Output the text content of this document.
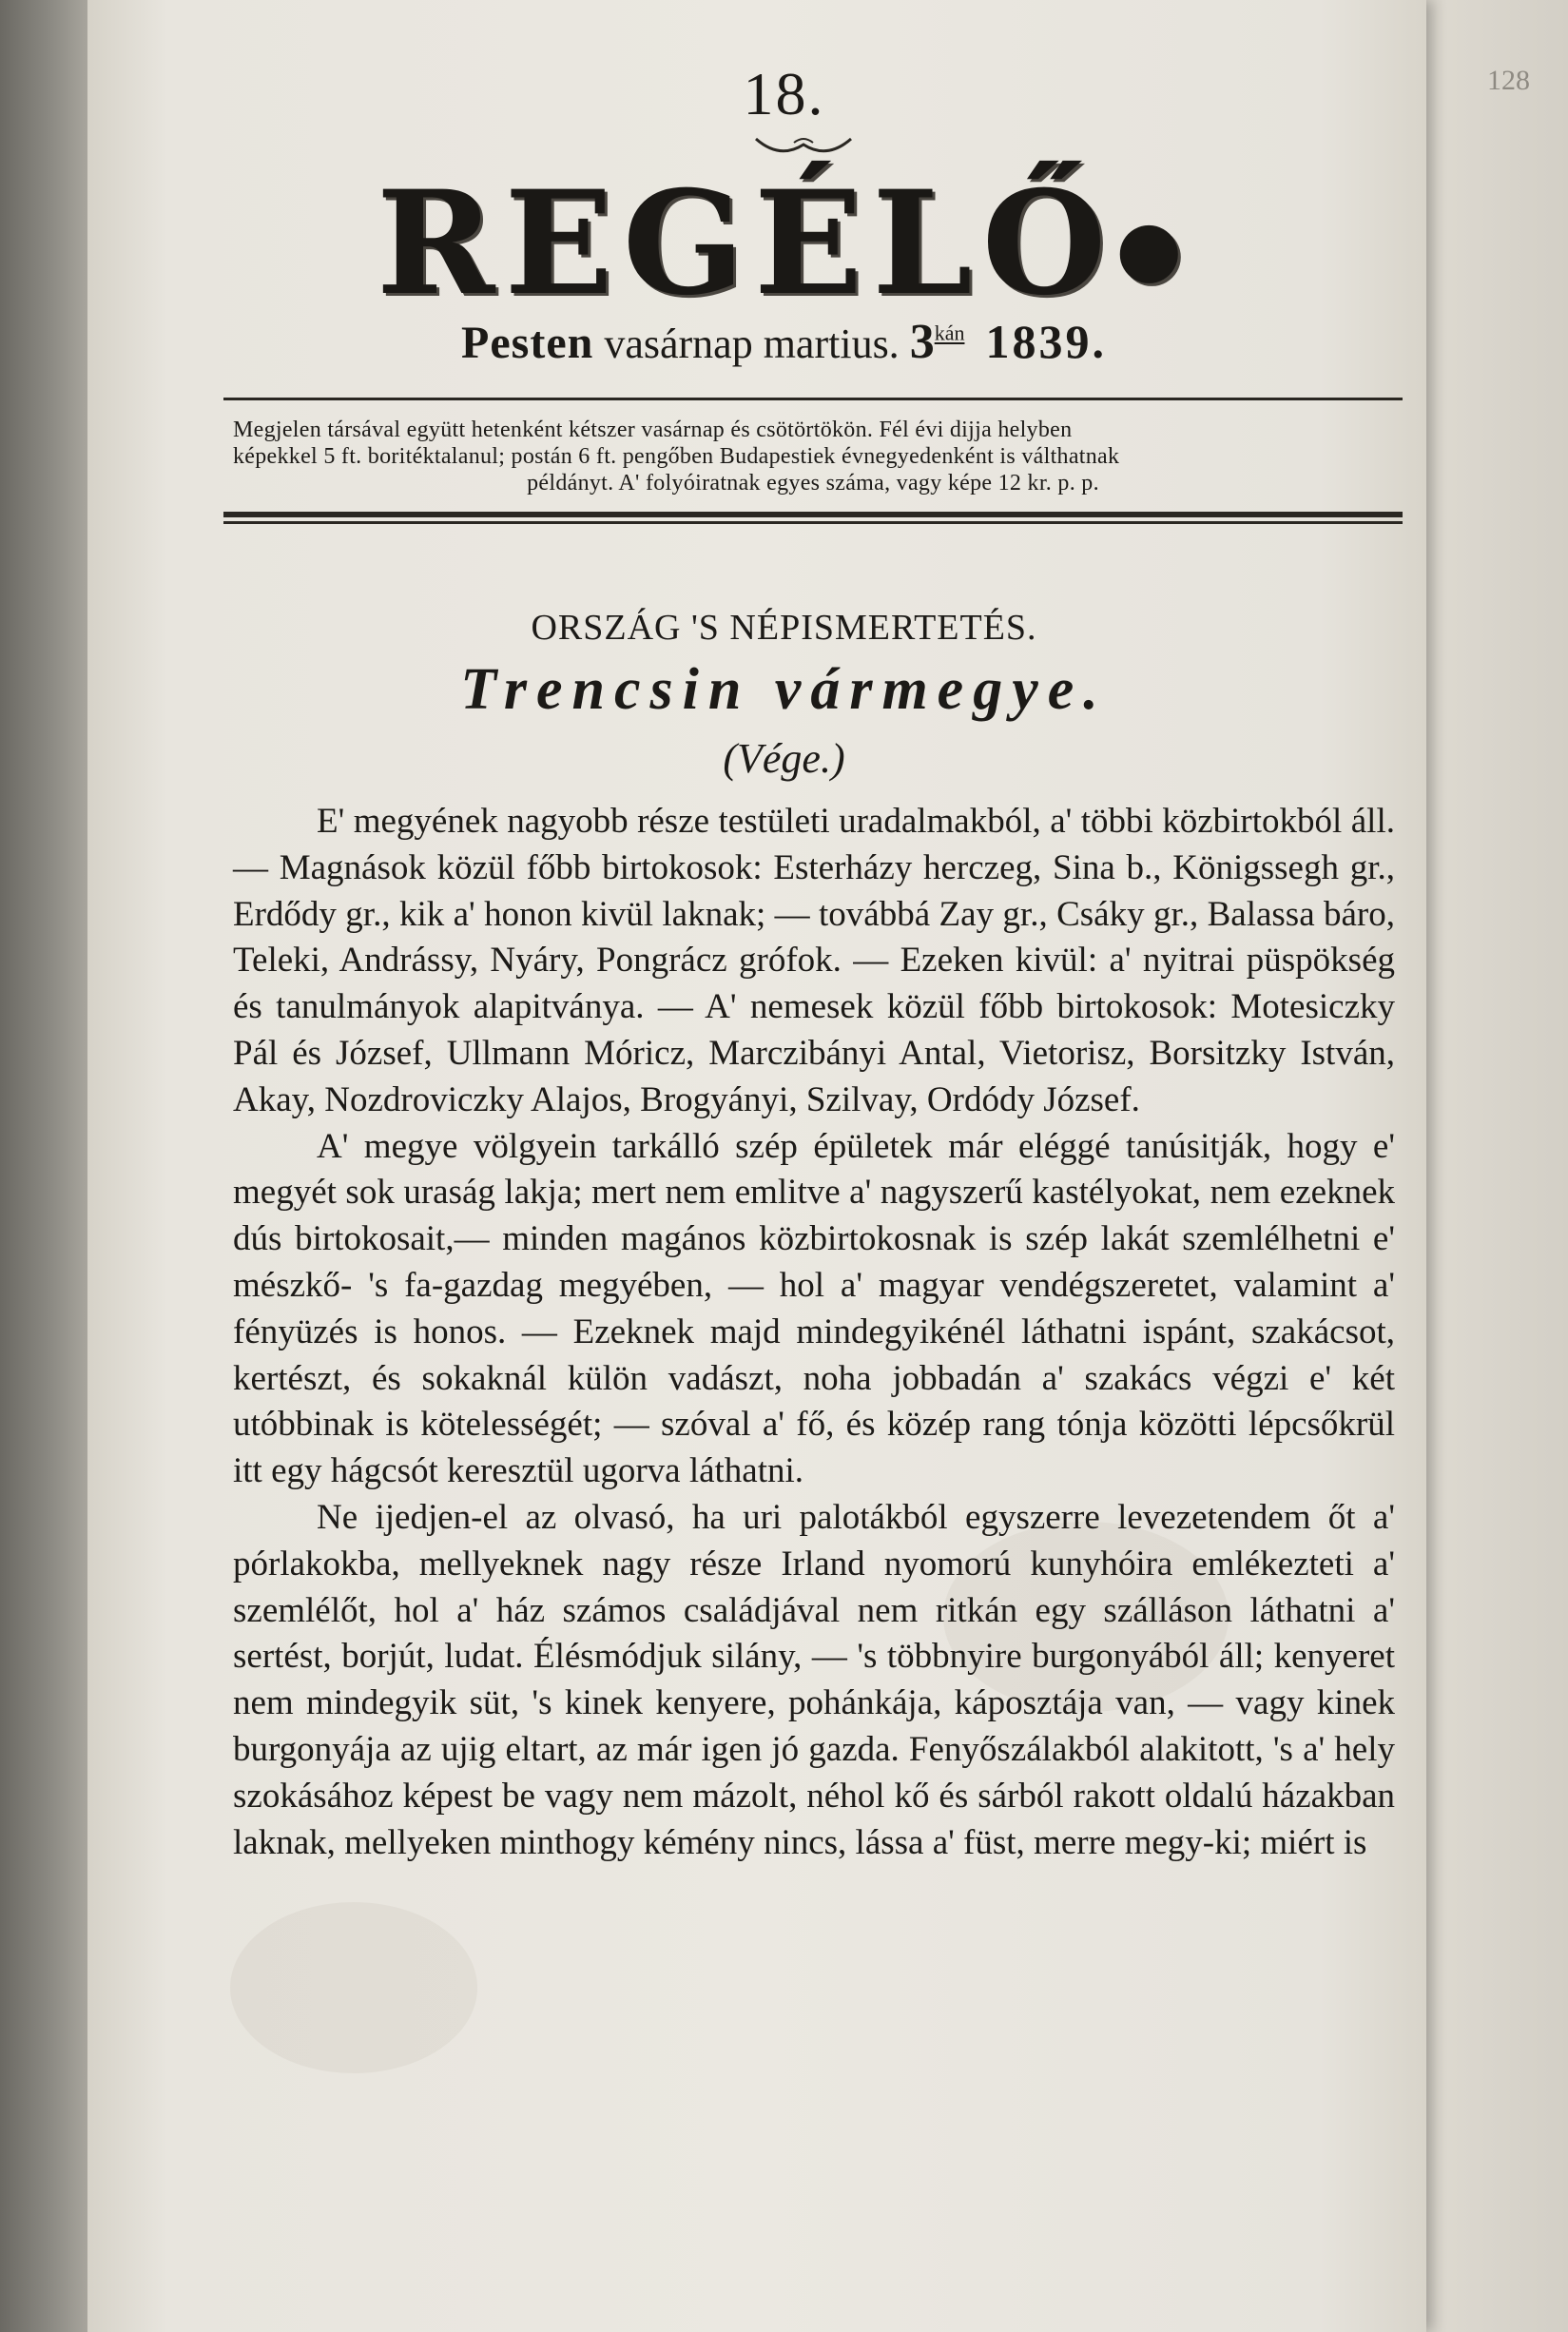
128
18.
REGÉLŐ●
Pesten vasárnap martius. $3^{kán}$ 1839.

Megjelen társával együtt hetenként kétszer vasárnap és csötörtökön. Fél évi dijja helyben

képekkel 5 ft. boritéktalanul; postán 6 ft. pengőben Budapestiek évnegyedenként is válthatnak

példányt. A' folyóiratnak egyes száma, vagy képe 12 kr. p. p.

ORSZÁG 'S NÉPISMERTETÉS.
Trencsin vármegye.
(Vége.)

E' megyének nagyobb része testületi uradalmakból, a' többi közbirtokból áll. — Magnások közül főbb birtokosok: Esterházy herczeg, Sina b., Königssegh gr., Erdődy gr., kik a' honon kivül laknak; — továbbá Zay gr., Csáky gr., Balassa báro, Teleki, Andrássy, Nyáry, Pongrácz grófok. — Ezeken kivül: a' nyitrai püspökség és tanulmányok alapitványa. — A' nemesek közül főbb birtokosok: Motesiczky Pál és József, Ullmann Móricz, Marczibányi Antal, Vietorisz, Borsitzky István, Akay, Nozdroviczky Alajos, Brogyányi, Szilvay, Ordódy József.

A' megye völgyein tarkálló szép épületek már eléggé tanúsitják, hogy e' megyét sok uraság lakja; mert nem emlitve a' nagyszerű kastélyokat, nem ezeknek dús birtokosait,— minden magános közbirtokosnak is szép lakát szemlélhetni e' mészkő- 's fa-gazdag megyében, — hol a' magyar vendégszeretet, valamint a' fényüzés is honos. — Ezeknek majd mindegyikénél láthatni ispánt, szakácsot, kertészt, és sokaknál külön vadászt, noha jobbadán a' szakács végzi e' két utóbbinak is kötelességét; — szóval a' fő, és közép rang tónja közötti lépcsőkrül itt egy hágcsót keresztül ugorva láthatni.

Ne ijedjen-el az olvasó, ha uri palotákból egyszerre levezetendem őt a' pórlakokba, mellyeknek nagy része Irland nyomorú kunyhóira emlékezteti a' szemlélőt, hol a' ház számos családjával nem ritkán egy szálláson láthatni a' sertést, borjút, ludat. Élésmódjuk silány, — 's többnyire burgonyából áll; kenyeret nem mindegyik süt, 's kinek kenyere, pohánkája, káposztája van, — vagy kinek burgonyája az ujig eltart, az már igen jó gazda. Fenyőszálakból alakitott, 's a' hely szokásához képest be vagy nem mázolt, néhol kő és sárból rakott oldalú házakban laknak, mellyeken minthogy kémény nincs, lássa a' füst, merre megy-ki; miért is
